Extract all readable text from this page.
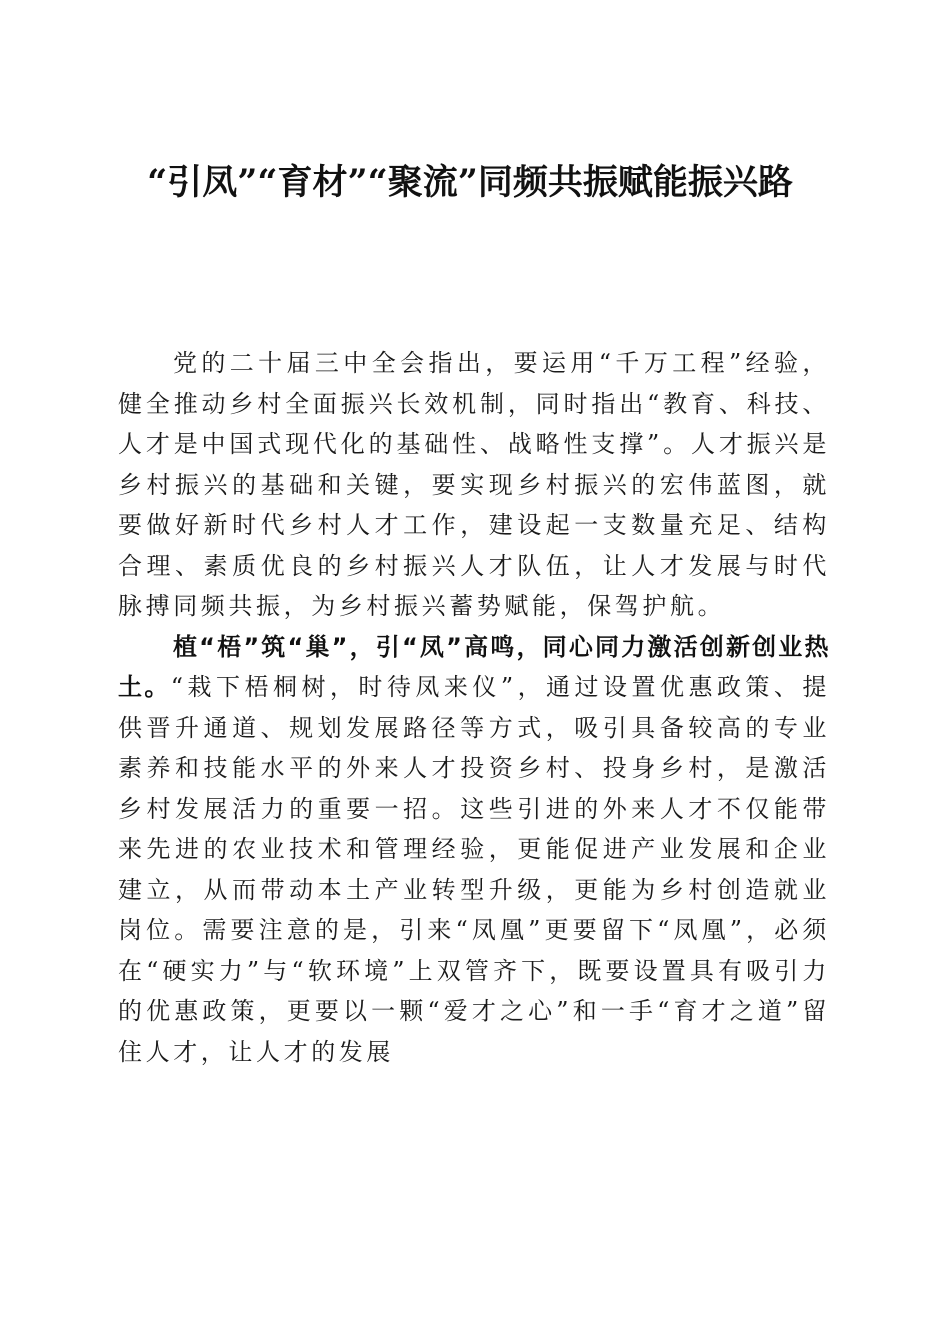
“引凤”“育材”“聚流”同频共振赋能振兴路

党的二十届三中全会指出，要运用“千万工程”经验，健全推动乡村全面振兴长效机制，同时指出“教育、科技、人才是中国式现代化的基础性、战略性支撑”。人才振兴是乡村振兴的基础和关键，要实现乡村振兴的宏伟蓝图，就要做好新时代乡村人才工作，建设起一支数量充足、结构合理、素质优良的乡村振兴人才队伍，让人才发展与时代脉搏同频共振，为乡村振兴蓄势赋能，保驾护航。

植“梧”筑“巢”，引“凤”高鸣，同心同力激活创新创业热土。“栽下梧桐树，时待凤来仪”，通过设置优惠政策、提供晋升通道、规划发展路径等方式，吸引具备较高的专业素养和技能水平的外来人才投资乡村、投身乡村，是激活乡村发展活力的重要一招。这些引进的外来人才不仅能带来先进的农业技术和管理经验，更能促进产业发展和企业建立，从而带动本土产业转型升级，更能为乡村创造就业岗位。需要注意的是，引来“凤凰”更要留下“凤凰”，必须在“硬实力”与“软环境”上双管齐下，既要设置具有吸引力的优惠政策，更要以一颗“爱才之心”和一手“育才之道”留住人才，让人才的发展
